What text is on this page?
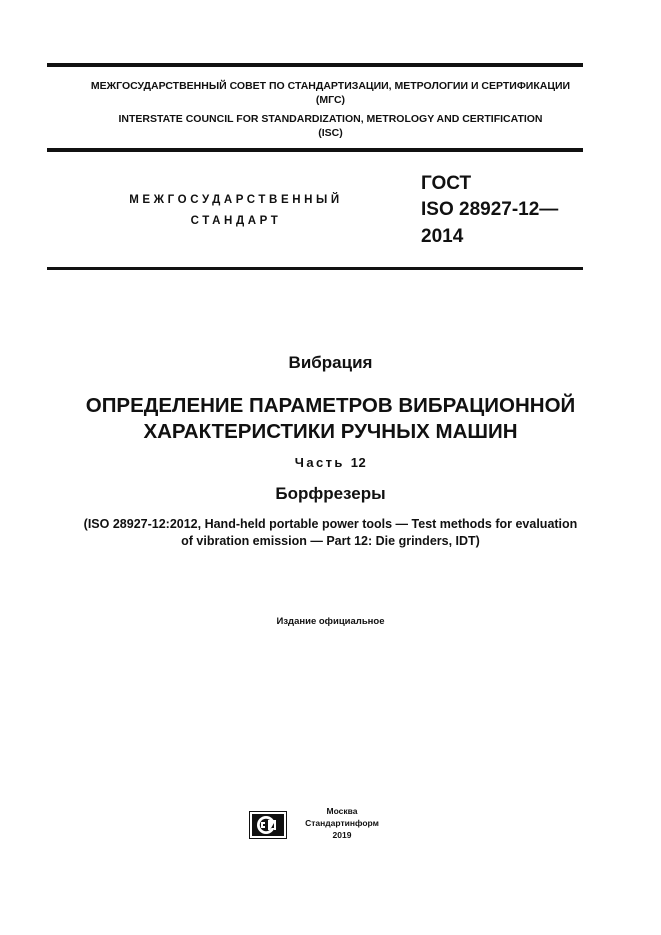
МЕЖГОСУДАРСТВЕННЫЙ СОВЕТ ПО СТАНДАРТИЗАЦИИ, МЕТРОЛОГИИ И СЕРТИФИКАЦИИ
(МГС)
INTERSTATE COUNCIL FOR STANDARDIZATION, METROLOGY AND CERTIFICATION
(ISC)
МЕЖГОСУДАРСТВЕННЫЙ
СТАНДАРТ
ГОСТ
ISO 28927-12—
2014
Вибрация
ОПРЕДЕЛЕНИЕ ПАРАМЕТРОВ ВИБРАЦИОННОЙ
ХАРАКТЕРИСТИКИ РУЧНЫХ МАШИН
Часть 12
Борфрезеры
(ISO 28927-12:2012, Hand-held portable power tools — Test methods for evaluation
of vibration emission — Part 12: Die grinders, IDT)
Издание официальное
Москва
Стандартинформ
2019
